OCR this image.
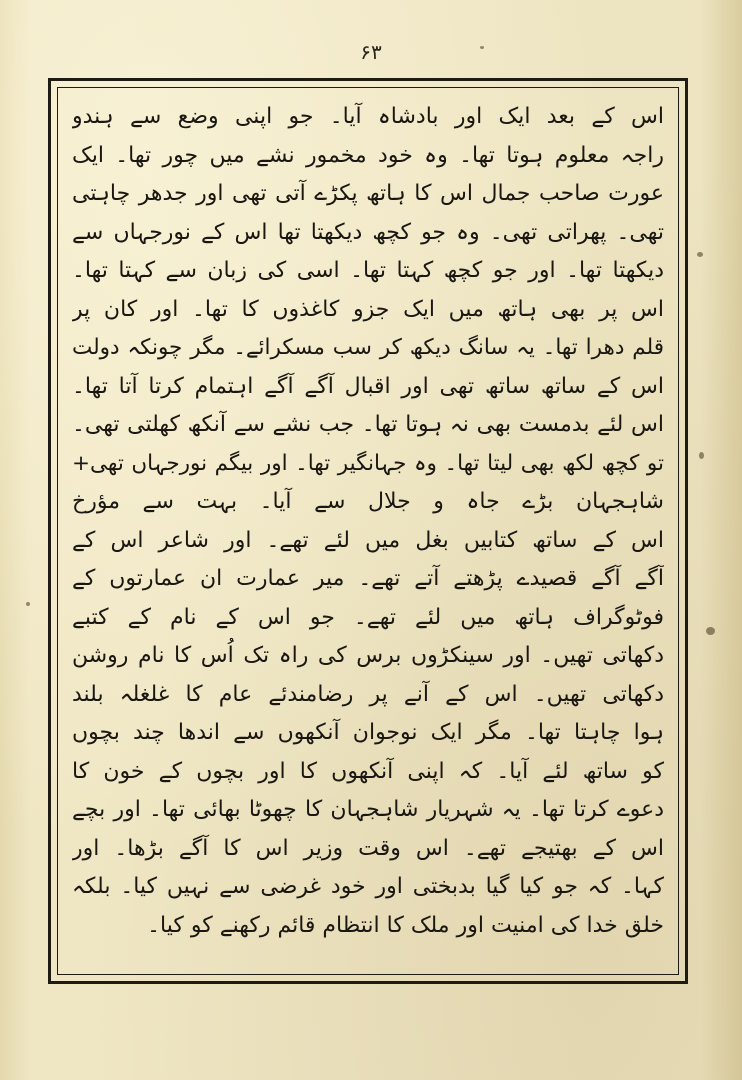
۶۳
اس کے بعد ایک اور بادشاہ آیا۔ جو اپنی وضع سے ہندو
راجہ معلوم ہوتا تھا۔ وہ خود مخمور نشے میں چور تھا۔ ایک
عورت صاحب جمال اس کا ہاتھ پکڑے آتی تھی اور جدھر چاہتی
تھی۔ پھراتی تھی۔ وہ جو کچھ دیکھتا تھا اس کے نورجہاں سے
دیکھتا تھا۔ اور جو کچھ کہتا تھا۔ اسی کی زبان سے کہتا تھا۔
اس پر بھی ہاتھ میں ایک جزو کاغذوں کا تھا۔ اور کان پر
قلم دھرا تھا۔ یہ سانگ دیکھ کر سب مسکرائے۔ مگر چونکہ دولت
اس کے ساتھ ساتھ تھی اور اقبال آگے آگے اہتمام کرتا آتا تھا۔
اس لئے بدمست بھی نہ ہوتا تھا۔ جب نشے سے آنکھ کھلتی تھی۔
تو کچھ لکھ بھی لیتا تھا۔ وہ جہانگیر تھا۔ اور بیگم نورجہاں تھی+
شاہجہان بڑے جاہ و جلال سے آیا۔ بہت سے مؤرخ
اس کے ساتھ کتابیں بغل میں لئے تھے۔ اور شاعر اس کے
آگے آگے قصیدے پڑھتے آتے تھے۔ میر عمارت ان عمارتوں کے
فوٹوگراف ہاتھ میں لئے تھے۔ جو اس کے نام کے کتبے
دکھاتی تھیں۔ اور سینکڑوں برس کی راہ تک اُس کا نام روشن
دکھاتی تھیں۔ اس کے آنے پر رضامندئے عام کا غلغلہ بلند
ہوا چاہتا تھا۔ مگر ایک نوجوان آنکھوں سے اندھا چند بچوں
کو ساتھ لئے آیا۔ کہ اپنی آنکھوں کا اور بچوں کے خون کا
دعوے کرتا تھا۔ یہ شہریار شاہجہان کا چھوٹا بھائی تھا۔ اور بچے
اس کے بھتیجے تھے۔ اس وقت وزیر اس کا آگے بڑھا۔ اور
کہا۔ کہ جو کیا گیا بدبختی اور خود غرضی سے نہیں کیا۔ بلکہ
خلق خدا کی امنیت اور ملک کا انتظام قائم رکھنے کو کیا۔
